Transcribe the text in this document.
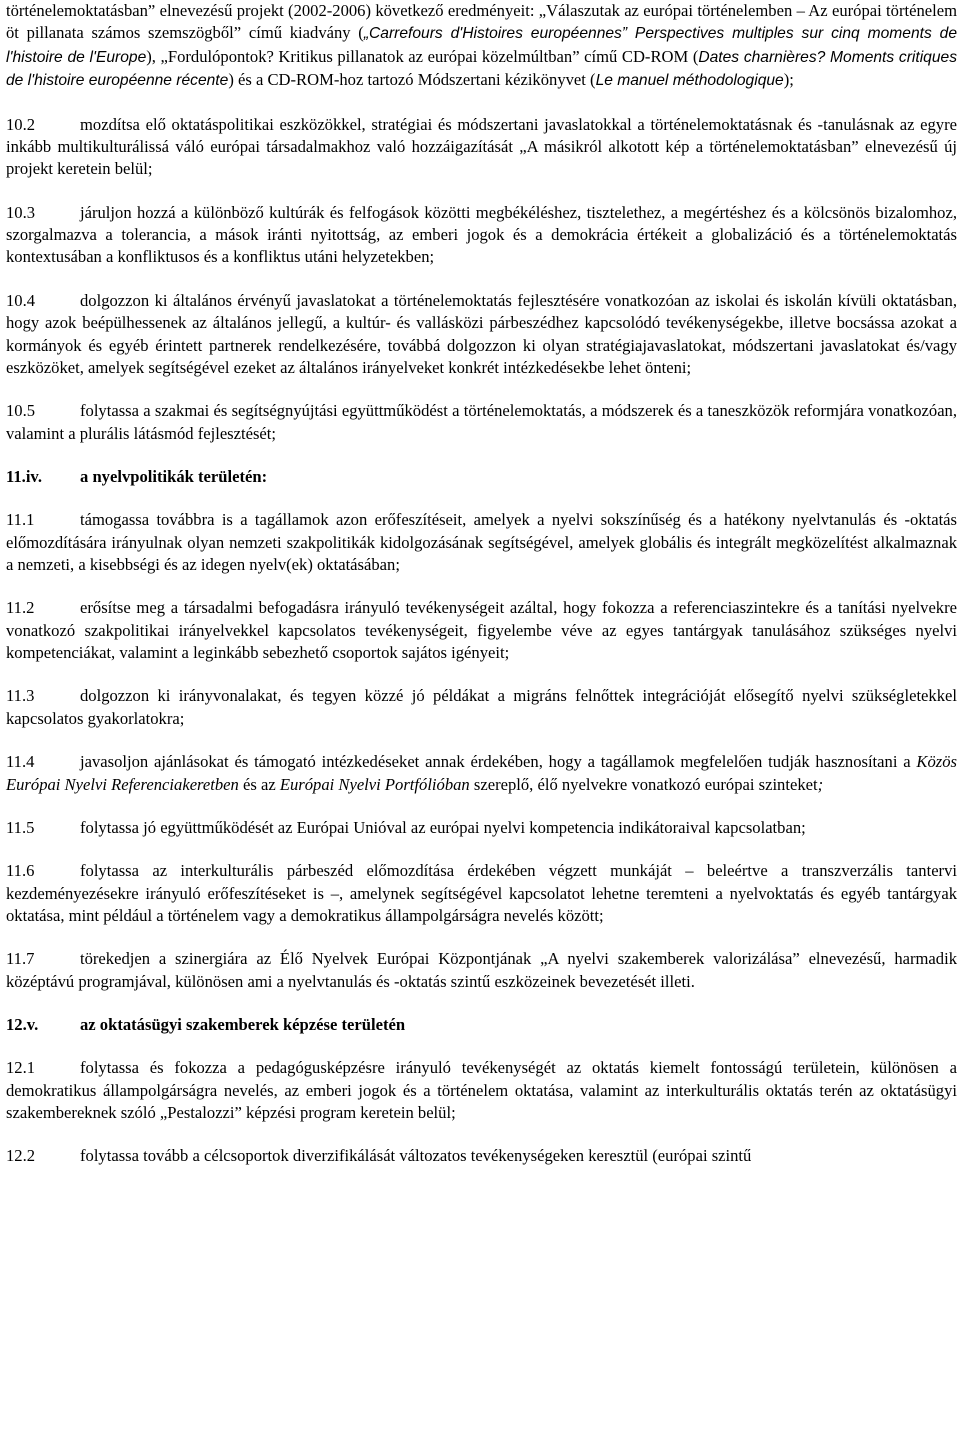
történelemoktatásban” elnevezésű projekt (2002-2006) következő eredményeit: „Válaszutak az európai történelemben – Az európai történelem öt pillanata számos szemszögből” című kiadvány („Carrefours d'Histoires européennes” Perspectives multiples sur cinq moments de l'histoire de l'Europe), „Fordulópontok? Kritikus pillanatok az európai közelmúltban” című CD-ROM (Dates charnières? Moments critiques de l'histoire européenne récente) és a CD-ROM-hoz tartozó Módszertani kézikönyvet (Le manuel méthodologique);

10.2	mozdítsa elő oktatáspolitikai eszközökkel, stratégiai és módszertani javaslatokkal a történelemoktatásnak és -tanulásnak az egyre inkább multikulturálissá váló európai társadalmakhoz való hozzáigazítását „A másikról alkotott kép a történelemoktatásban” elnevezésű új projekt keretein belül;

10.3	járuljon hozzá a különböző kultúrák és felfogások közötti megbékéléshez, tisztelethez, a megértéshez és a kölcsönös bizalomhoz, szorgalmazva a tolerancia, a mások iránti nyitottság, az emberi jogok és a demokrácia értékeit a globalizáció és a történelemoktatás kontextusában a konfliktusos és a konfliktus utáni helyzetekben;

10.4	dolgozzon ki általános érvényű javaslatokat a történelemoktatás fejlesztésére vonatkozóan az iskolai és iskolán kívüli oktatásban, hogy azok beépülhessenek az általános jellegű, a kultúr- és vallásközi párbeszédhez kapcsolódó tevékenységekbe, illetve bocsássa azokat a kormányok és egyéb érintett partnerek rendelkezésére, továbbá dolgozzon ki olyan stratégiajavaslatokat, módszertani javaslatokat és/vagy eszközöket, amelyek segítségével ezeket az általános irányelveket konkrét intézkedésekbe lehet önteni;

10.5	folytassa a szakmai és segítségnyújtási együttműködést a történelemoktatás, a módszerek és a taneszközök reformjára vonatkozóan, valamint a plurális látásmód fejlesztését;

11.iv. a nyelvpolitikák területén:

11.1	támogassa továbbra is a tagállamok azon erőfeszítéseit, amelyek a nyelvi sokszínűség és a hatékony nyelvtanulás és -oktatás előmozdítására irányulnak olyan nemzeti szakpolitikák kidolgozásának segítségével, amelyek globális és integrált megközelítést alkalmaznak a nemzeti, a kisebbségi és az idegen nyelv(ek) oktatásában;

11.2	erősítse meg a társadalmi befogadásra irányuló tevékenységeit azáltal, hogy fokozza a referenciaszintekre és a tanítási nyelvekre vonatkozó szakpolitikai irányelvekkel kapcsolatos tevékenységeit, figyelembe véve az egyes tantárgyak tanulásához szükséges nyelvi kompetenciákat, valamint a leginkább sebezhető csoportok sajátos igényeit;

11.3	dolgozzon ki irányvonalakat, és tegyen közzé jó példákat a migráns felnőttek integrációját elősegítő nyelvi szükségletekkel kapcsolatos gyakorlatokra;

11.4	javasoljon ajánlásokat és támogató intézkedéseket annak érdekében, hogy a tagállamok megfelelően tudják hasznosítani a Közös Európai Nyelvi Referenciakeretben és az Európai Nyelvi Portfólióban szereplő, élő nyelvekre vonatkozó európai szinteket;

11.5	folytassa jó együttműködését az Európai Unióval az európai nyelvi kompetencia indikátoraival kapcsolatban;

11.6	folytassa az interkulturális párbeszéd előmozdítása érdekében végzett munkáját – beleértve a transzverzális tantervi kezdeményezésekre irányuló erőfeszítéseket is –, amelynek segítségével kapcsolatot lehetne teremteni a nyelvoktatás és egyéb tantárgyak oktatása, mint például a történelem vagy a demokratikus állampolgárságra nevelés között;

11.7	törekedjen a szinergiára az Élő Nyelvek Európai Központjának „A nyelvi szakemberek valorizálása” elnevezésű, harmadik középtávú programjával, különösen ami a nyelvtanulás és -oktatás szintű eszközeinek bevezetését illeti.

12.v.	az oktatásügyi szakemberek képzése területén

12.1	folytassa és fokozza a pedagógusképzésre irányuló tevékenységét az oktatás kiemelt fontosságú területein, különösen a demokratikus állampolgárságra nevelés, az emberi jogok és a történelem oktatása, valamint az interkulturális oktatás terén az oktatásügyi szakembereknek szóló „Pestalozzi” képzési program keretein belül;

12.2	folytassa tovább a célcsoportok diverzifikálását változatos tevékenységeken keresztül (európai szintű
